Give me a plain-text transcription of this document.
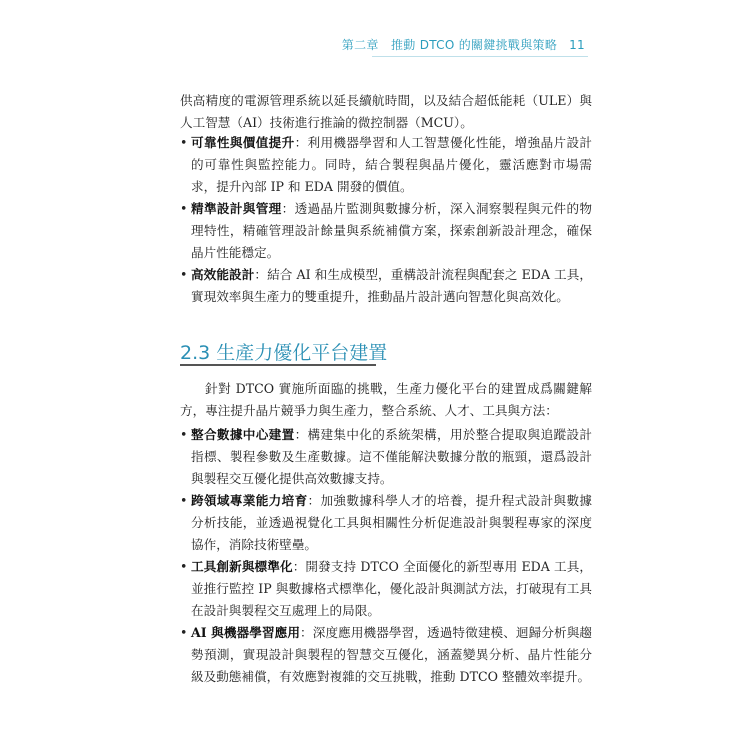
第二章　推動 DTCO 的關鍵挑戰與策略 11

供高精度的電源管理系統以延長續航時間，以及結合超低能耗（ULE）與人工智慧（AI）技術進行推論的微控制器（MCU）。

• 可靠性與價值提升：利用機器學習和人工智慧優化性能，增強晶片設計的可靠性與監控能力。同時，結合製程與晶片優化，靈活應對市場需求，提升內部 IP 和 EDA 開發的價值。
• 精準設計與管理：透過晶片監測與數據分析，深入洞察製程與元件的物理特性，精確管理設計餘量與系統補償方案，探索創新設計理念，確保晶片性能穩定。
• 高效能設計：結合 AI 和生成模型，重構設計流程與配套之 EDA 工具，實現效率與生產力的雙重提升，推動晶片設計邁向智慧化與高效化。
2.3 生產力優化平台建置

針對 DTCO 實施所面臨的挑戰，生產力優化平台的建置成爲關鍵解方，專注提升晶片競爭力與生產力，整合系統、人才、工具與方法：

• 整合數據中心建置：構建集中化的系統架構，用於整合提取與追蹤設計指標、製程參數及生產數據。這不僅能解決數據分散的瓶頸，還爲設計與製程交互優化提供高效數據支持。
• 跨領域專業能力培育：加強數據科學人才的培養，提升程式設計與數據分析技能，並透過視覺化工具與相關性分析促進設計與製程專家的深度協作，消除技術壁壘。
• 工具創新與標準化：開發支持 DTCO 全面優化的新型專用 EDA 工具，並推行監控 IP 與數據格式標準化，優化設計與測試方法，打破現有工具在設計與製程交互處理上的局限。
• AI 與機器學習應用：深度應用機器學習，透過特徵建模、迴歸分析與趨勢預測，實現設計與製程的智慧交互優化，涵蓋變異分析、晶片性能分級及動態補償，有效應對複雜的交互挑戰，推動 DTCO 整體效率提升。
